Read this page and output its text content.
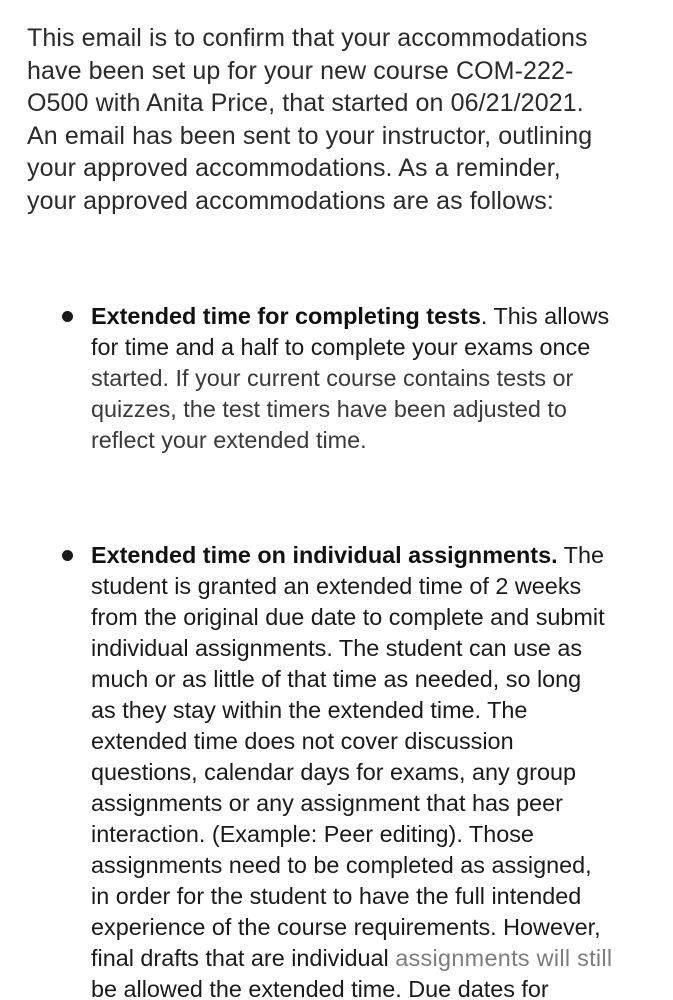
This email is to confirm that your accommodations
have been set up for your new course COM-222-
O500 with Anita Price, that started on 06/21/2021.
An email has been sent to your instructor, outlining
your approved accommodations. As a reminder,
your approved accommodations are as follows:

Extended time for completing tests. This allows
for time and a half to complete your exams once
started. If your current course contains tests or
quizzes, the test timers have been adjusted to
reflect your extended time.

Extended time on individual assignments. The
student is granted an extended time of 2 weeks
from the original due date to complete and submit
individual assignments. The student can use as
much or as little of that time as needed, so long
as they stay within the extended time. The
extended time does not cover discussion
questions, calendar days for exams, any group
assignments or any assignment that has peer
interaction. (Example: Peer editing). Those
assignments need to be completed as assigned,
in order for the student to have the full intended
experience of the course requirements. However,
final drafts that are individual assignments will still
be allowed the extended time. Due dates for
